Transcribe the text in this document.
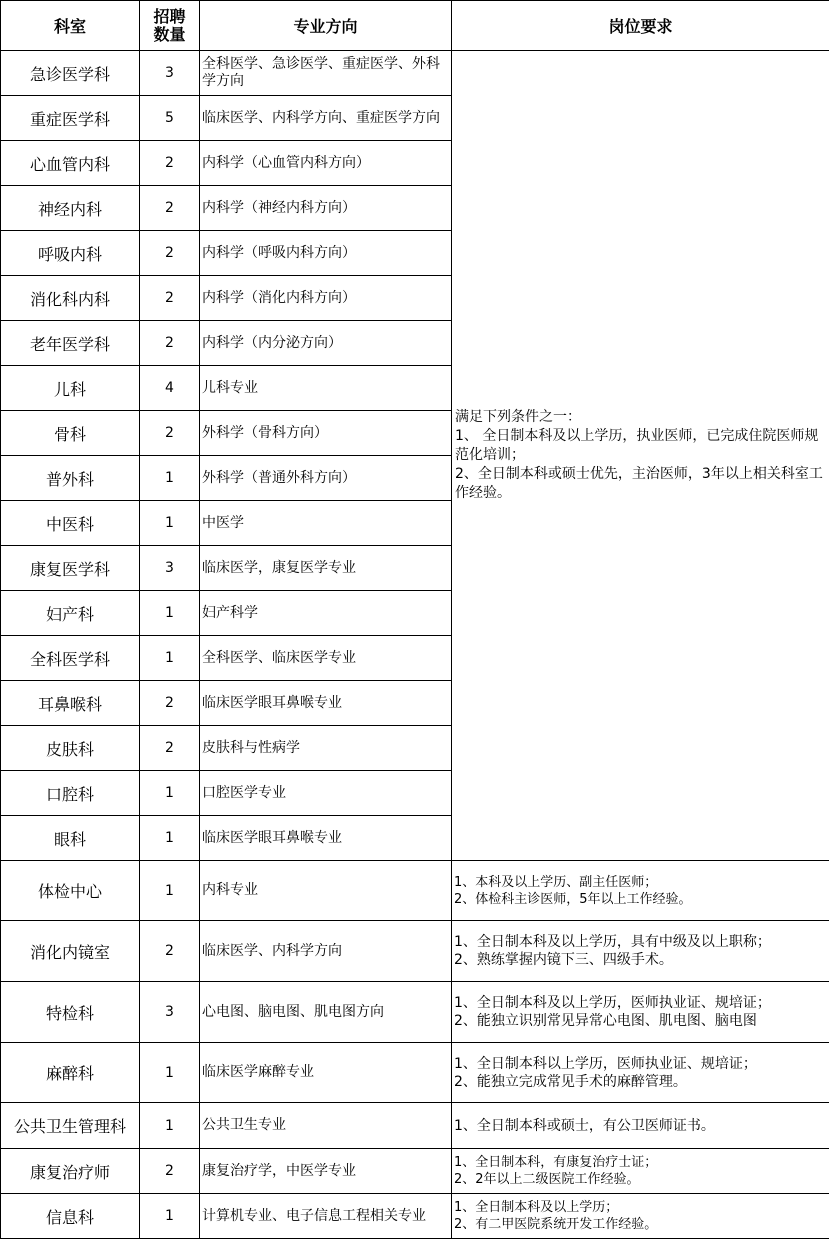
科室	招聘
数量	专业方向	岗位要求
急诊医学科	3	全科医学、急诊医学、重症医学、外科学方向	满足下列条件之一：
1、 全日制本科及以上学历，执业医师，已完成住院医师规范化培训；
2、全日制本科或硕士优先，主治医师，3年以上相关科室工作经验。
重症医学科	5	临床医学、内科学方向、重症医学方向	
心血管内科	2	内科学（心血管内科方向）	
神经内科	2	内科学（神经内科方向）	
呼吸内科	2	内科学（呼吸内科方向）	
消化科内科	2	内科学（消化内科方向）	
老年医学科	2	内科学（内分泌方向）	
儿科	4	儿科专业	
骨科	2	外科学（骨科方向）	
普外科	1	外科学（普通外科方向）	
中医科	1	中医学	
康复医学科	3	临床医学，康复医学专业	
妇产科	1	妇产科学	
全科医学科	1	全科医学、临床医学专业	
耳鼻喉科	2	临床医学眼耳鼻喉专业	
皮肤科	2	皮肤科与性病学	
口腔科	1	口腔医学专业	
眼科	1	临床医学眼耳鼻喉专业	
体检中心	1	内科专业	1、本科及以上学历、副主任医师；
2、体检科主诊医师，5年以上工作经验。
消化内镜室	2	临床医学、内科学方向	1、全日制本科及以上学历，具有中级及以上职称；
2、熟练掌握内镜下三、四级手术。
特检科	3	心电图、脑电图、肌电图方向	1、全日制本科及以上学历，医师执业证、规培证；
2、能独立识别常见异常心电图、肌电图、脑电图
麻醉科	1	临床医学麻醉专业	1、全日制本科以上学历，医师执业证、规培证；
2、能独立完成常见手术的麻醉管理。
公共卫生管理科	1	公共卫生专业	1、全日制本科或硕士，有公卫医师证书。
康复治疗师	2	康复治疗学，中医学专业	1、全日制本科，有康复治疗士证；
2、2年以上二级医院工作经验。
信息科	1	计算机专业、电子信息工程相关专业	1、全日制本科及以上学历；
2、有二甲医院系统开发工作经验。
